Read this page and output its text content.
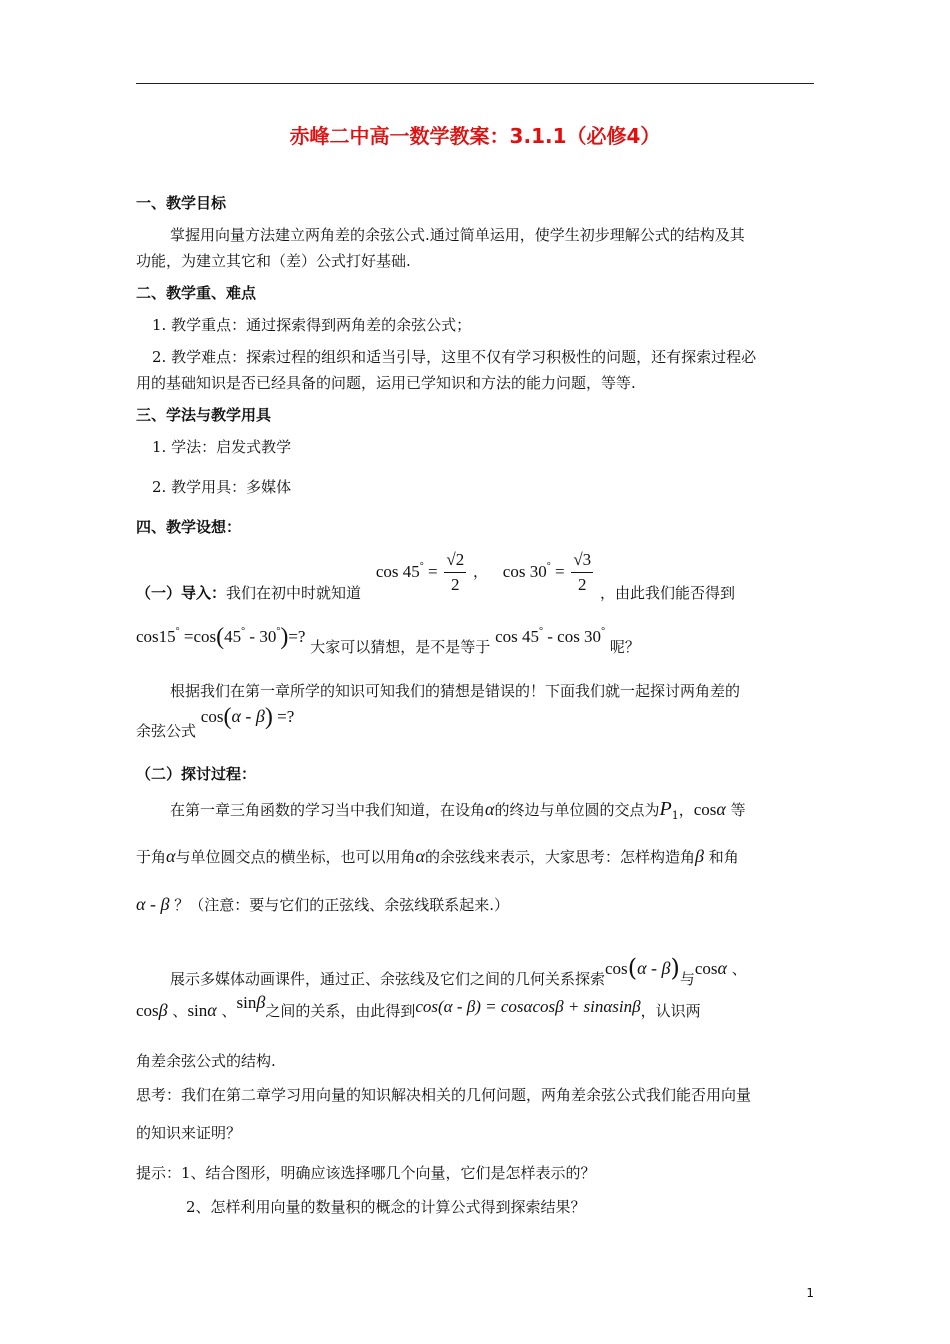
赤峰二中高一数学教案：3.1.1（必修4）
一、教学目标
掌握用向量方法建立两角差的余弦公式.通过简单运用，使学生初步理解公式的结构及其
功能，为建立其它和（差）公式打好基础.
二、教学重、难点
1. 教学重点：通过探索得到两角差的余弦公式；
2. 教学难点：探索过程的组织和适当引导，这里不仅有学习积极性的问题，还有探索过程必
用的基础知识是否已经具备的问题，运用已学知识和方法的能力问题，等等.
三、学法与教学用具
1. 学法：启发式教学
2. 教学用具：多媒体
四、教学设想：
（一）导入：我们在初中时就知道 $\cos 45^\circ = \frac{√2}{2}$ ， $\cos 30^\circ = \frac{√3}{2}$ ，由此我们能否得到
cos15° =cos(45° - 30°)=? 大家可以猜想，是不是等于 cos 45° - cos 30° 呢？
根据我们在第一章所学的知识可知我们的猜想是错误的！下面我们就一起探讨两角差的
余弦公式 cos(α - β) =?
（二）探讨过程：
在第一章三角函数的学习当中我们知道，在设角α的终边与单位圆的交点为$P_1$，cosα 等
于角α与单位圆交点的横坐标，也可以用角α的余弦线来表示，大家思考：怎样构造角β 和角
α - β ？（注意：要与它们的正弦线、余弦线联系起来.）
展示多媒体动画课件，通过正、余弦线及它们之间的几何关系探索cos(α - β)与cosα 、
cosβ 、sinα 、sinβ之间的关系，由此得到cos(α - β) = cosαcosβ + sinαsinβ，认识两
角差余弦公式的结构.
思考：我们在第二章学习用向量的知识解决相关的几何问题，两角差余弦公式我们能否用向量
的知识来证明？
提示：1、结合图形，明确应该选择哪几个向量，它们是怎样表示的？
2、怎样利用向量的数量积的概念的计算公式得到探索结果？
1
